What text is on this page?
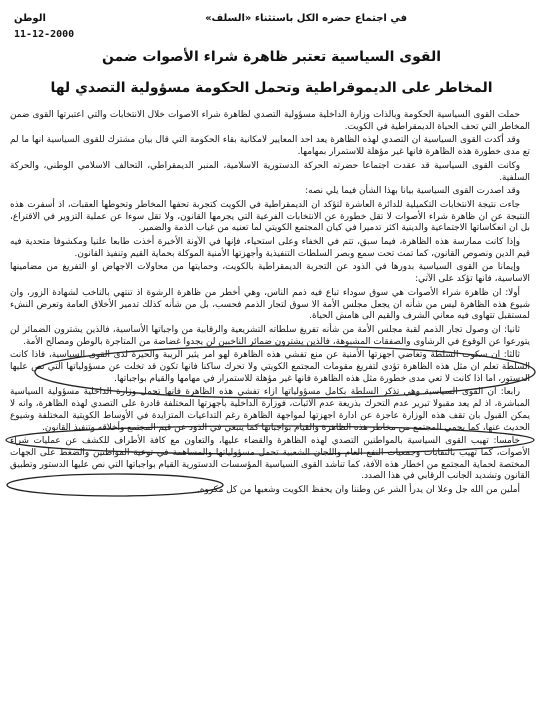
في اجتماع حضره الكل باستثناء «السلف»
الوطن
11-12-2000
القوى السياسية تعتبر ظاهرة شراء الأصوات ضمن
المخاطر على الديموقراطية وتحمل الحكومة مسؤولية التصدي لها

حملت القوى السياسية الحكومة وبالذات وزارة الداخلية مسؤولية التصدي لظاهرة شراء الأصوات خلال الانتخابات والتي اعتبرتها القوى ضمن المخاطر التي تحف الحياة الديمقراطية في الكويت.

وقد أكدت القوى السياسية ان التصدي لهذه الظاهرة يعد احد المعايير لامكانية بقاء الحكومة التي قال بيان مشترك للقوى السياسية انها ما لم تع مدى خطورة هذه الظاهرة فانها غير مؤهلة للاستمرار بمهامها.

وكانت القوى السياسية قد عقدت اجتماعا حضرته الحركة الدستورية الاسلامية، المنبر الديمقراطي، التحالف الاسلامي الوطني، والحركة السلفية.

وقد اصدرت القوى السياسية بيانا بهذا الشأن فيما يلي نصه:

جاءت نتيجة الانتخابات التكميلية للدائرة العاشرة لتؤكد ان الديمقراطية في الكويت كتجربة تحفها المخاطر وتحوطها العقبات، اذ أسفرت هذه النتيجة عن ان ظاهرة شراء الأصوات لا تقل خطورة عن الانتخابات الفرعية التي يجرمها القانون، ولا تقل سوءا عن عملية التزوير في الاقتراع، بل ان انعكاساتها الاجتماعية والدينية اكثر تدميرا في كيان المجتمع الكويتي لما تعنيه من غياب الذمة والضمير.

وإذا كانت ممارسة هذه الظاهرة، فيما سبق، تتم في الخفاء وعلى استحياء، فإنها في الآونة الأخيرة أخذت طابعا علنيا ومكشوفا متحدية فيه قيم الدين ونصوص القانون، كما تمت تحت سمع وبصر السلطات التنفيذية وأجهزتها الأمنية الموكلة بحماية القيم وتنفيذ القانون.

وإيمانا من القوى السياسية بدورها في الذود عن التجربة الديمقراطية بالكويت، وحمايتها من محاولات الاجهاض او التفريغ من مضامينها الاساسية، فانها تؤكد على الآتي:

أولا: ان ظاهرة شراء الأصوات هي سوق سوداء تباع فيه ذمم الناس، وهي أخطر من ظاهرة الرشوة اذ تنتهي بالناخب لشهادة الزور، وان شيوع هذه الظاهرة ليس من شأنه ان يجعل مجلس الأمة الا سوق لتجار الذمم فحسب، بل من شأنه كذلك تدمير الأخلاق العامة وتعرض النشء لمستقبل تتهاوى فيه معاني الشرف والقيم الى هامش الحياة.

ثانيا: ان وصول تجار الذمم لقبة مجلس الأمة من شأنه تفريغ سلطاته التشريعية والرقابية من واجباتها الأساسية، فالذين يشترون الضمائر لن يتورعوا عن الوقوع في الرشاوى والصفقات المشبوهة، فالذين يشترون ضمائر الناخبين لن يجدوا غضاضة من المتاجرة بالوطن ومصالح الأمة.

ثالثا: ان سكوت السلطة وتغاضي اجهزتها الأمنية عن منع تفشي هذه الظاهرة لهو امر يثير الريبة والحيرة لدى القوى السياسية، فاذا كانت السلطة تعلم ان مثل هذه الظاهرة تؤدي لتفريغ مقومات المجتمع الكويتي ولا تحرك ساكنا فانها تكون قد تخلت عن مسؤولياتها التي نص عليها الدستور، اما اذا كانت لا تعي مدى خطورة مثل هذه الظاهرة فانها غير مؤهلة للاستمرار في مهامها والقيام بواجباتها.

رابعا: ان القوى السياسية وهي تذكر السلطة بكامل مسؤولياتها ازاء تفشي هذه الظاهرة فانها تحمل وزارة الداخلية مسؤولية السياسية المباشرة، اذ لم يعد مقبولا تبرير عدم التحرك بذريعة عدم الاثبات، فوزارة الداخلية بأجهزتها المختلفة قادرة على التصدي لهذه الظاهرة، وانه لا يمكن القبول بان تقف هذه الوزارة عاجزة عن ادارة اجهزتها لمواجهة الظاهرة رغم التداعيات المتزايدة في الأوساط الكويتية المختلفة وشيوع الحديث عنها، كما يحمي المجتمع من مخاطر هذه الظاهرة والقيام بواجباتها كما ينبغي في الذود عن قيم المجتمع وأخلاقه وتنفيذ القانون.

خامسا: تهيب القوى السياسية بالمواطنين التصدي لهذه الظاهرة والقضاء عليها، والتعاون مع كافة الأطراف للكشف عن عمليات شراء الأصوات، كما تهيب بالنقابات وجمعيات النفع العام واللجان الشعبية تحمل مسؤولياتها والمساهمة في توعية المواطنين والضغط على الجهات المختصة لحماية المجتمع من اخطار هذه الآفة، كما تناشد القوى السياسية المؤسسات الدستورية القيام بواجباتها التي نص عليها الدستور وتطبيق القانون وتشديد الجانب الرقابي في هذا الصدد.

أملين من الله جل وعلا ان يدرأ الشر عن وطننا وان يحفظ الكويت وشعبها من كل مكروه.
